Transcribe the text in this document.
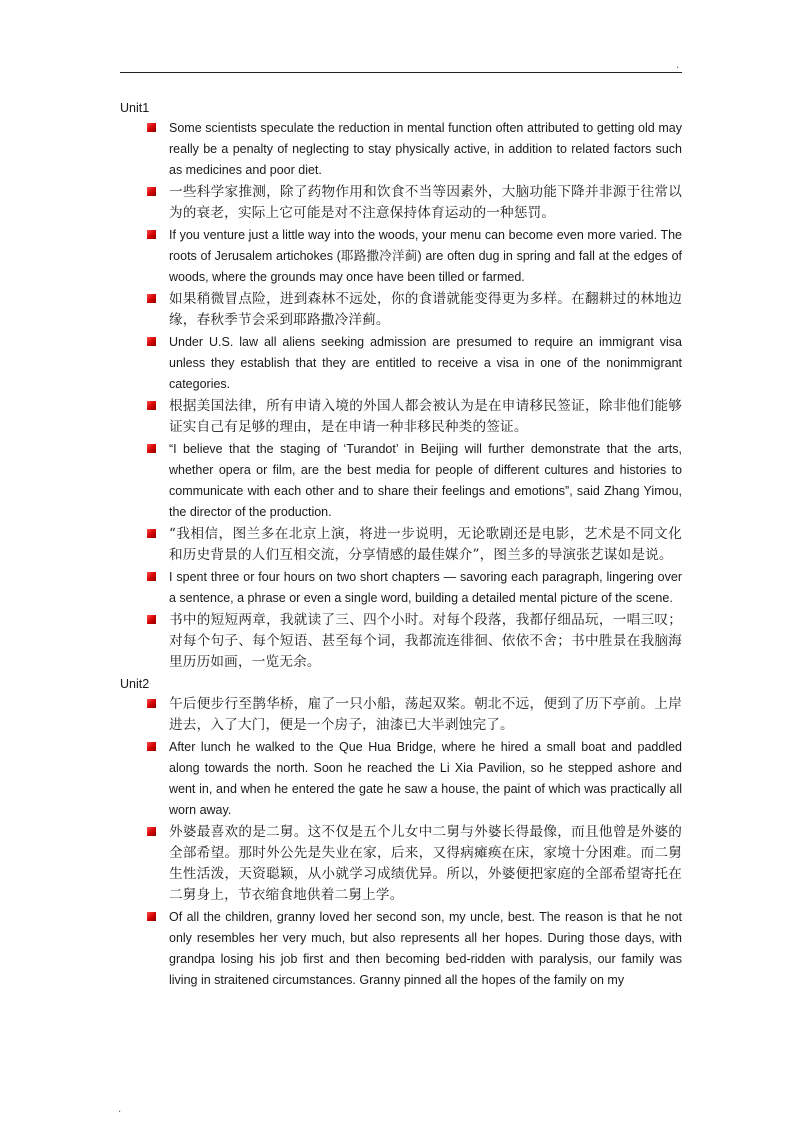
.
Unit1

Some scientists speculate the reduction in mental function often attributed to getting old may really be a penalty of neglecting to stay physically active, in addition to related factors such as medicines and poor diet.

一些科学家推测，除了药物作用和饮食不当等因素外，大脑功能下降并非源于往常以为的衰老，实际上它可能是对不注意保持体育运动的一种惩罚。

If you venture just a little way into the woods, your menu can become even more varied. The roots of Jerusalem artichokes (耶路撒冷洋蓟) are often dug in spring and fall at the edges of woods, where the grounds may once have been tilled or farmed.

如果稍微冒点险，进到森林不远处，你的食谱就能变得更为多样。在翻耕过的林地边缘，春秋季节会采到耶路撒冷洋蓟。

Under U.S. law all aliens seeking admission are presumed to require an immigrant visa unless they establish that they are entitled to receive a visa in one of the nonimmigrant categories.

根据美国法律，所有申请入境的外国人都会被认为是在申请移民签证，除非他们能够证实自己有足够的理由，是在申请一种非移民种类的签证。

“I believe that the staging of ‘Turandot’ in Beijing will further demonstrate that the arts, whether opera or film, are the best media for people of different cultures and histories to communicate with each other and to share their feelings and emotions”, said Zhang Yimou, the director of the production.

“我相信，图兰多在北京上演，将进一步说明，无论歌剧还是电影，艺术是不同文化和历史背景的人们互相交流，分享情感的最佳媒介”，图兰多的导演张艺谋如是说。

I spent three or four hours on two short chapters — savoring each paragraph, lingering over a sentence, a phrase or even a single word, building a detailed mental picture of the scene.

书中的短短两章，我就读了三、四个小时。对每个段落，我都仔细品玩，一唱三叹；对每个句子、每个短语、甚至每个词，我都流连徘徊、依依不舍；书中胜景在我脑海里历历如画，一览无余。

Unit2

午后便步行至鹊华桥，雇了一只小船，荡起双桨。朝北不远，便到了历下亭前。上岸进去，入了大门，便是一个房子，油漆已大半剥蚀完了。

After lunch he walked to the Que Hua Bridge, where he hired a small boat and paddled along towards the north. Soon he reached the Li Xia Pavilion, so he stepped ashore and went in, and when he entered the gate he saw a house, the paint of which was practically all worn away.

外婆最喜欢的是二舅。这不仅是五个儿女中二舅与外婆长得最像，而且他曾是外婆的全部希望。那时外公先是失业在家，后来，又得病瘫痪在床，家境十分困难。而二舅生性活泼，天资聪颖，从小就学习成绩优异。所以，外婆便把家庭的全部希望寄托在二舅身上，节衣缩食地供着二舅上学。

Of all the children, granny loved her second son, my uncle, best. The reason is that he not only resembles her very much, but also represents all her hopes. During those days, with grandpa losing his job first and then becoming bed-ridden with paralysis, our family was living in straitened circumstances. Granny pinned all the hopes of the family on my

.
